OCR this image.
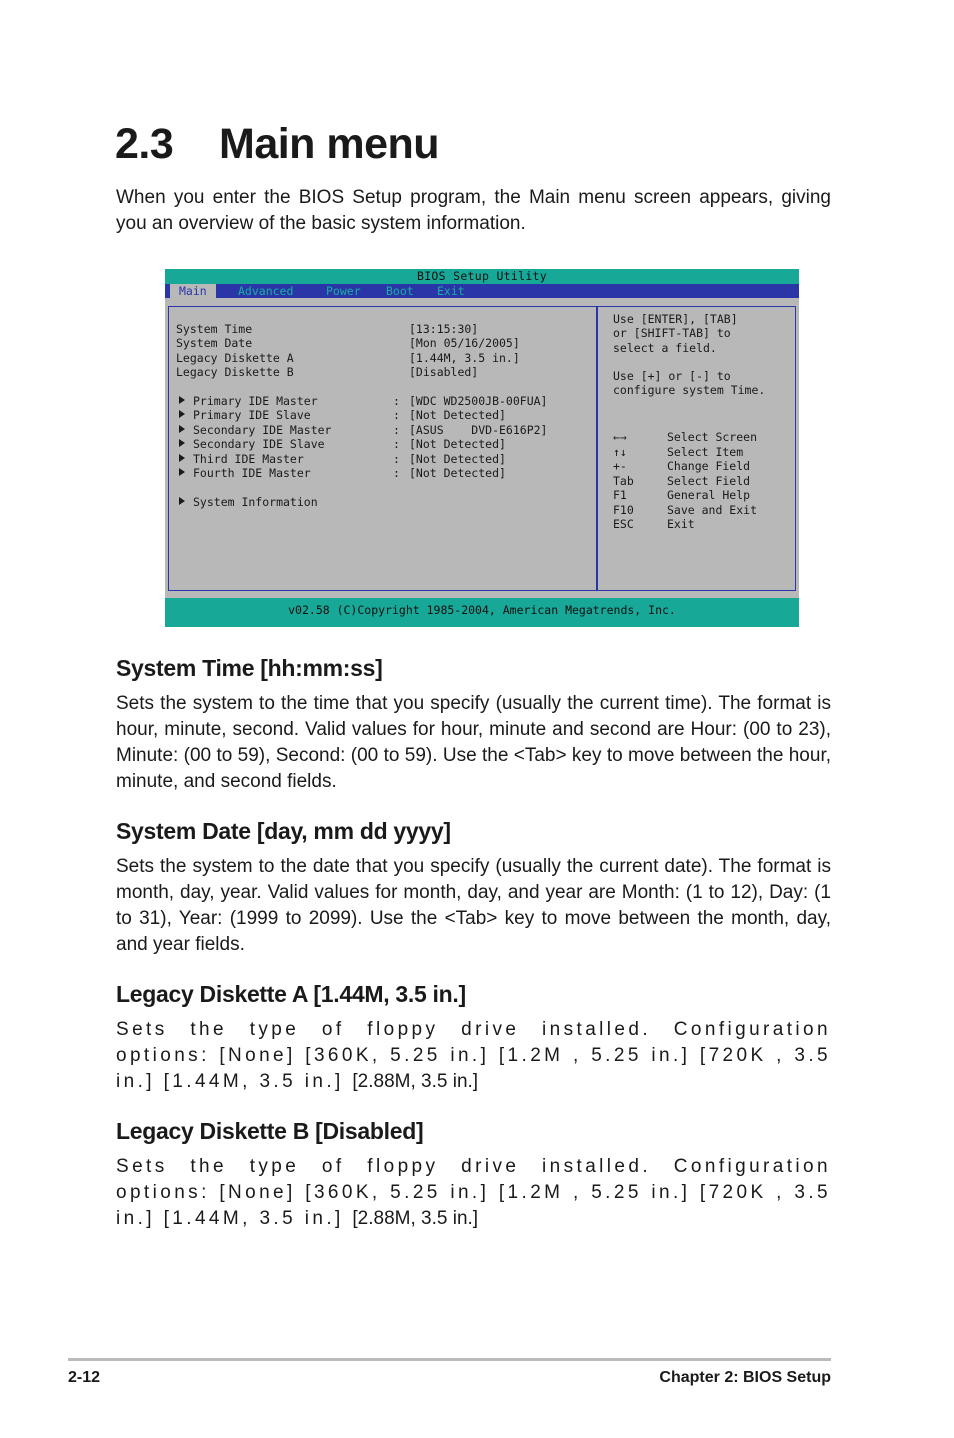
2.3 Main menu

When you enter the BIOS Setup program, the Main menu screen appears, giving you an overview of the basic system information.

BIOS Setup Utility
Main	Advanced	Power Boot Exit
System Time	[13:15:30]
System Date	[Mon 05/16/2005]
Legacy Diskette A	[1.44M, 3.5 in.]
Legacy Diskette B	[Disabled]
Primary IDE Master	: [WDC WD2500JB-00FUA]
Primary IDE Slave	: [Not Detected]
Secondary IDE Master	: [ASUS    DVD-E616P2]
Secondary IDE Slave	: [Not Detected]
Third IDE Master	: [Not Detected]
Fourth IDE Master	: [Not Detected]
System Information
Use [ENTER], [TAB]
or [SHIFT-TAB] to
select a field.
Use [+] or [-] to
configure system Time.
←→	Select Screen
↑↓	Select Item
+-	Change Field
Tab	Select Field
F1	General Help
F10	Save and Exit
ESC	Exit
v02.58 (C)Copyright 1985-2004, American Megatrends, Inc.
System Time [hh:mm:ss]

Sets the system to the time that you specify (usually the current time). The format is hour, minute, second. Valid values for hour, minute and second are Hour: (00 to 23), Minute: (00 to 59), Second: (00 to 59). Use the <Tab> key to move between the hour, minute, and second fields.

System Date [day, mm dd yyyy]

Sets the system to the date that you specify (usually the current date). The format is month, day, year. Valid values for month, day, and year are Month: (1 to 12), Day: (1 to 31), Year: (1999 to 2099). Use the <Tab> key to move between the month, day, and year fields.

Legacy Diskette A [1.44M, 3.5 in.]

Sets the type of floppy drive installed. Configuration options: [None] [360K, 5.25 in.] [1.2M , 5.25 in.] [720K , 3.5 in.] [1.44M, 3.5 in.] [2.88M, 3.5 in.]

Legacy Diskette B [Disabled]

Sets the type of floppy drive installed. Configuration options: [None] [360K, 5.25 in.] [1.2M , 5.25 in.] [720K , 3.5 in.] [1.44M, 3.5 in.] [2.88M, 3.5 in.]

2-12	Chapter 2: BIOS Setup
